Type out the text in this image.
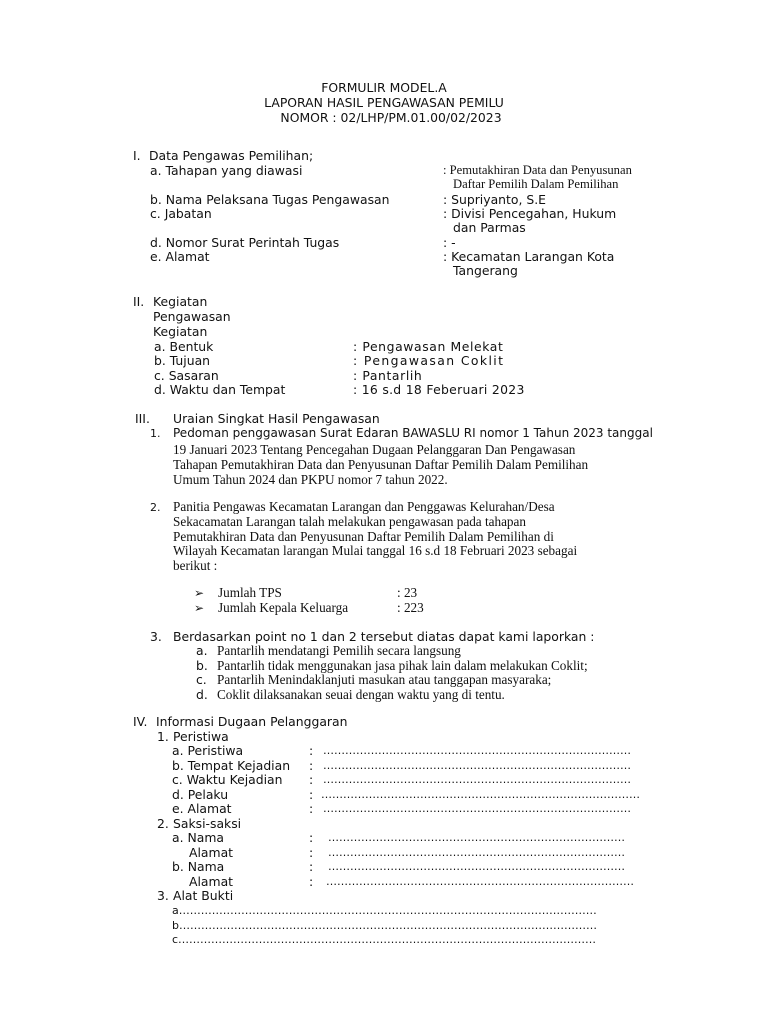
FORMULIR MODEL.A
LAPORAN HASIL PENGAWASAN PEMILU
NOMOR : 02/LHP/PM.01.00/02/2023
I. Data Pengawas Pemilihan;
a. Tahapan yang diawasi	: Pemutakhiran Data dan Penyusunan
Daftar Pemilih Dalam Pemilihan
b. Nama Pelaksana Tugas Pengawasan	: Supriyanto, S.E
c. Jabatan	: Divisi Pencegahan, Hukum
dan Parmas
d. Nomor Surat Perintah Tugas	: -
e. Alamat	: Kecamatan Larangan Kota
Tangerang
II. Kegiatan
Pengawasan
Kegiatan
a. Bentuk	: Pengawasan Melekat
b. Tujuan	: Pengawasan Coklit
c. Sasaran	: Pantarlih
d. Waktu dan Tempat	: 16 s.d 18 Feberuari 2023
III. Uraian Singkat Hasil Pengawasan
1. Pedoman penggawasan Surat Edaran BAWASLU RI nomor 1 Tahun 2023 tanggal
19 Januari 2023 Tentang Pencegahan Dugaan Pelanggaran Dan Pengawasan
Tahapan Pemutakhiran Data dan Penyusunan Daftar Pemilih Dalam Pemilihan
Umum Tahun 2024 dan PKPU nomor 7 tahun 2022.
2. Panitia Pengawas Kecamatan Larangan dan Penggawas Kelurahan/Desa
Sekacamatan Larangan talah melakukan pengawasan pada tahapan
Pemutakhiran Data dan Penyusunan Daftar Pemilih Dalam Pemilihan di
Wilayah Kecamatan larangan Mulai tanggal 16 s.d 18 Februari 2023 sebagai
berikut :
➢ Jumlah TPS	: 23
➢ Jumlah Kepala Keluarga	: 223
3. Berdasarkan point no 1 dan 2 tersebut diatas dapat kami laporkan :
a. Pantarlih mendatangi Pemilih secara langsung
b. Pantarlih tidak menggunakan jasa pihak lain dalam melakukan Coklit;
c. Pantarlih Menindaklanjuti masukan atau tanggapan masyaraka;
d. Coklit dilaksanakan seuai dengan waktu yang di tentu.
IV. Informasi Dugaan Pelanggaran
1. Peristiwa
a. Peristiwa	: …………………………………………………………………………
b. Tempat Kejadian : …………………………………………………………………………
c. Waktu Kejadian : …………………………………………………………………………
d. Pelaku	: ……………………………………………………………………………
e. Alamat	: …………………………………………………………………………
2. Saksi-saksi
a. Nama	: ………………………………………………………………………
Alamat	: ………………………………………………………………………
b. Nama	: ………………………………………………………………………
Alamat	: …………………………………………………………………………
3. Alat Bukti
a……………………………………………………………………………………………………
b……………………………………………………………………………………………………
c……………………………………………………………………………………………………
